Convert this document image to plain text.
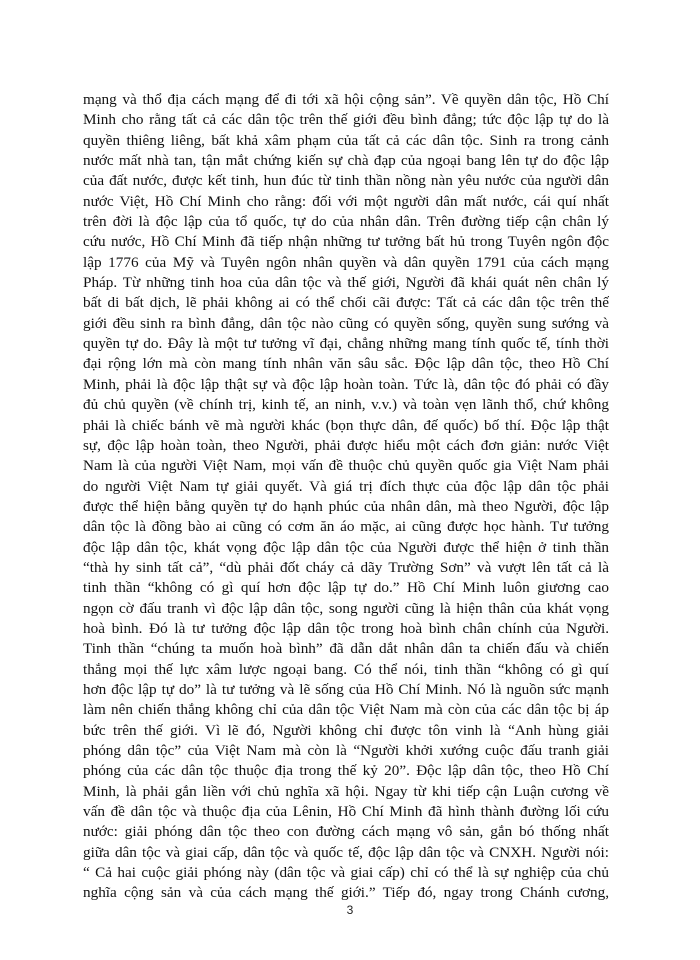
mạng và thổ địa cách mạng để đi tới xã hội cộng sản”. Về quyền dân tộc, Hồ Chí
Minh cho rằng tất cả các dân tộc trên thế giới đều bình đẳng; tức độc lập tự do là
quyền thiêng liêng, bất khả xâm phạm của tất cả các dân tộc. Sinh ra trong cảnh
nước mất nhà tan, tận mắt chứng kiến sự chà đạp của ngoại bang lên tự do độc lập
của đất nước, được kết tinh, hun đúc từ tinh thần nồng nàn yêu nước của người dân
nước Việt, Hồ Chí Minh cho rằng: đối với một người dân mất nước, cái quí nhất
trên đời là độc lập của tổ quốc, tự do của nhân dân. Trên đường tiếp cận chân lý
cứu nước, Hồ Chí Minh đã tiếp nhận những tư tưởng bất hủ trong Tuyên ngôn độc
lập 1776 của Mỹ và Tuyên ngôn nhân quyền và dân quyền 1791 của cách mạng
Pháp. Từ những tinh hoa của dân tộc và thế giới, Người đã khái quát nên chân lý
bất di bất dịch, lẽ phải không ai có thể chối cãi được: Tất cả các dân tộc trên thế
giới đều sinh ra bình đẳng, dân tộc nào cũng có quyền sống, quyền sung sướng và
quyền tự do. Đây là một tư tưởng vĩ đại, chẳng những mang tính quốc tế, tính thời
đại rộng lớn mà còn mang tính nhân văn sâu sắc. Độc lập dân tộc, theo Hồ Chí
Minh, phải là độc lập thật sự và độc lập hoàn toàn. Tức là, dân tộc đó phải có đầy
đủ chủ quyền (về chính trị, kinh tế, an ninh, v.v.) và toàn vẹn lãnh thổ, chứ không
phải là chiếc bánh vẽ mà người khác (bọn thực dân, đế quốc) bố thí. Độc lập thật
sự, độc lập hoàn toàn, theo Người, phải được hiểu một cách đơn giản: nước Việt
Nam là của người Việt Nam, mọi vấn đề thuộc chủ quyền quốc gia Việt Nam phải
do người Việt Nam tự giải quyết. Và giá trị đích thực của độc lập dân tộc phải
được thể hiện bằng quyền tự do hạnh phúc của nhân dân, mà theo Người, độc lập
dân tộc là đồng bào ai cũng có cơm ăn áo mặc, ai cũng được học hành. Tư tưởng
độc lập dân tộc, khát vọng độc lập dân tộc của Người được thể hiện ở tinh thần
“thà hy sinh tất cả”, “dù phải đốt cháy cả dãy Trường Sơn” và vượt lên tất cả là
tinh thần “không có gì quí hơn độc lập tự do.” Hồ Chí Minh luôn giương cao
ngọn cờ đấu tranh vì độc lập dân tộc, song người cũng là hiện thân của khát vọng
hoà bình. Đó là tư tưởng độc lập dân tộc trong hoà bình chân chính của Người.
Tinh thần “chúng ta muốn hoà bình” đã dẫn dắt nhân dân ta chiến đấu và chiến
thắng mọi thế lực xâm lược ngoại bang. Có thể nói, tinh thần “không có gì quí
hơn độc lập tự do” là tư tưởng và lẽ sống của Hồ Chí Minh. Nó là nguồn sức mạnh
làm nên chiến thắng không chỉ của dân tộc Việt Nam mà còn của các dân tộc bị áp
bức trên thế giới. Vì lẽ đó, Người không chỉ được tôn vinh là “Anh hùng giải
phóng dân tộc” của Việt Nam mà còn là “Người khởi xướng cuộc đấu tranh giải
phóng của các dân tộc thuộc địa trong thế kỷ 20”. Độc lập dân tộc, theo Hồ Chí
Minh, là phải gắn liền với chủ nghĩa xã hội. Ngay từ khi tiếp cận Luận cương về
vấn đề dân tộc và thuộc địa của Lênin, Hồ Chí Minh đã hình thành đường lối cứu
nước: giải phóng dân tộc theo con đường cách mạng vô sản, gắn bó thống nhất
giữa dân tộc và giai cấp, dân tộc và quốc tế, độc lập dân tộc và CNXH. Người nói:
“ Cả hai cuộc giải phóng này (dân tộc và giai cấp) chỉ có thể là sự nghiệp của chủ
nghĩa cộng sản và của cách mạng thế giới.” Tiếp đó, ngay trong Chánh cương,
3
